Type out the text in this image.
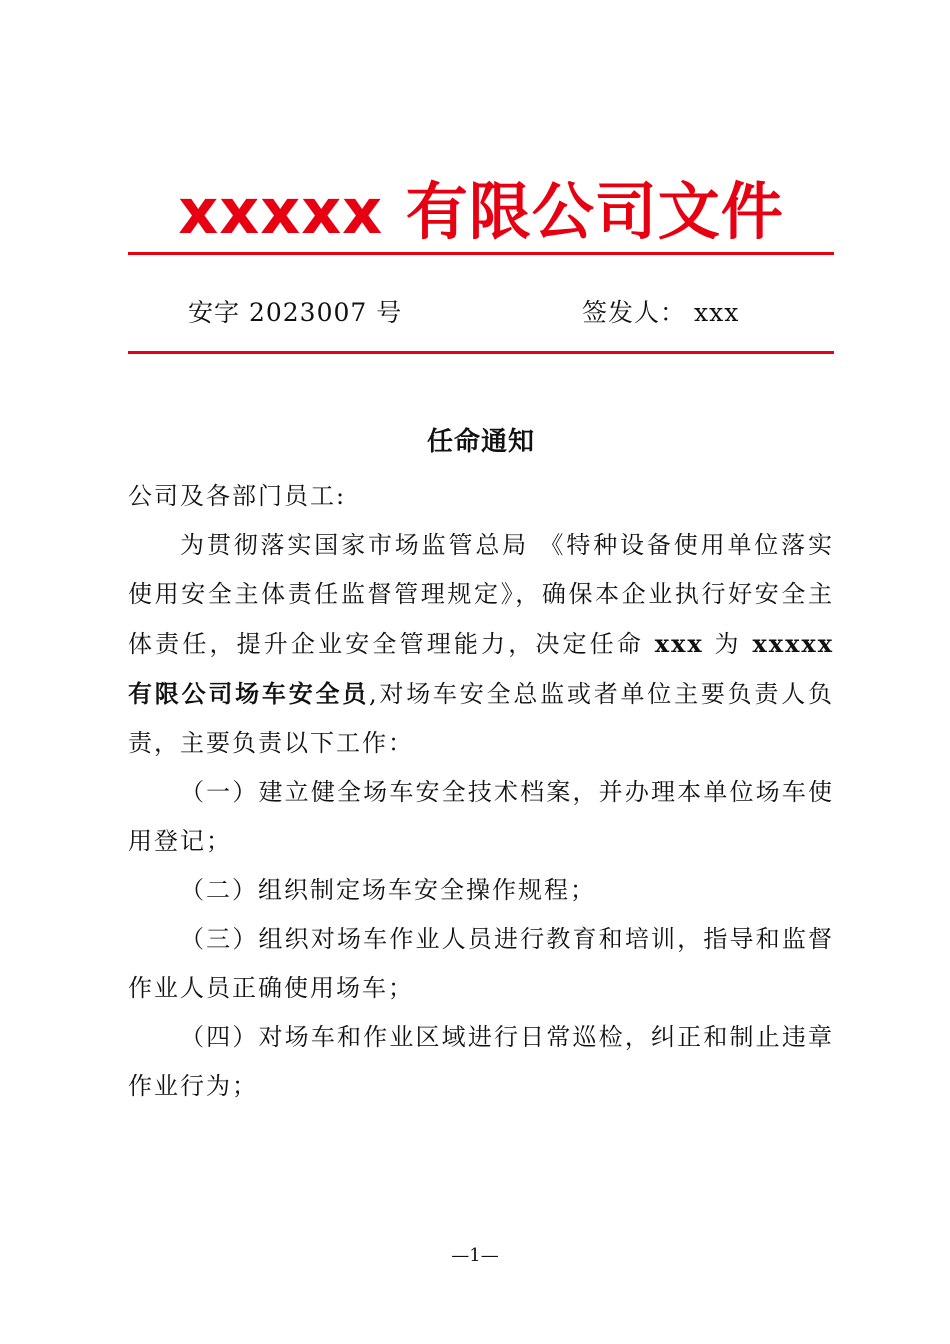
xxxxx 有限公司文件
安字 2023007 号	签发人： xxx
任命通知

公司及各部门员工:

为贯彻落实国家市场监管总局 《特种设备使用单位落实使用安全主体责任监督管理规定》，确保本企业执行好安全主体责任，提升企业安全管理能力，决定任命 xxx 为 xxxxx 有限公司场车安全员,对场车安全总监或者单位主要负责人负责，主要负责以下工作：

（一）建立健全场车安全技术档案，并办理本单位场车使用登记；

（二）组织制定场车安全操作规程；

（三）组织对场车作业人员进行教育和培训，指导和监督作业人员正确使用场车；

（四）对场车和作业区域进行日常巡检，纠正和制止违章作业行为；

—1—
